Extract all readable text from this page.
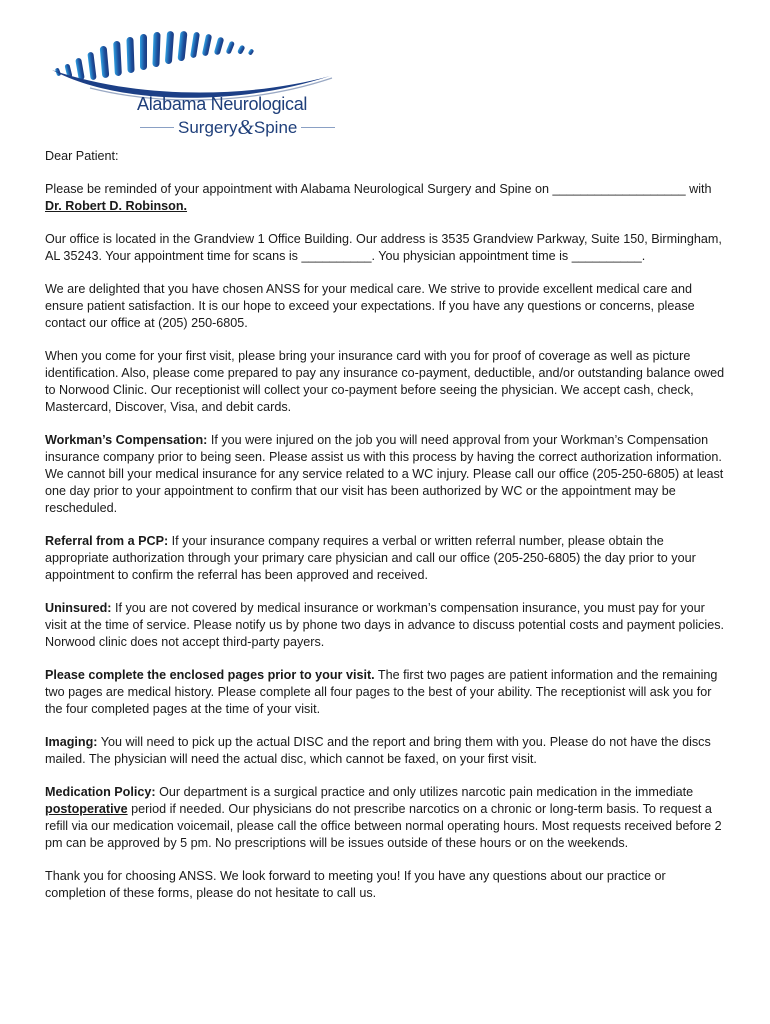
Alabama Neurological
Surgery & Spine

Dear Patient:

Please be reminded of your appointment with Alabama Neurological Surgery and Spine on ___________________ with Dr. Robert D. Robinson.

Our office is located in the Grandview 1 Office Building. Our address is 3535 Grandview Parkway, Suite 150, Birmingham, AL 35243. Your appointment time for scans is __________. You physician appointment time is __________.

We are delighted that you have chosen ANSS for your medical care. We strive to provide excellent medical care and ensure patient satisfaction. It is our hope to exceed your expectations. If you have any questions or concerns, please contact our office at (205) 250-6805.

When you come for your first visit, please bring your insurance card with you for proof of coverage as well as picture identification. Also, please come prepared to pay any insurance co-payment, deductible, and/or outstanding balance owed to Norwood Clinic. Our receptionist will collect your co-payment before seeing the physician. We accept cash, check, Mastercard, Discover, Visa, and debit cards.

Workman’s Compensation: If you were injured on the job you will need approval from your Workman’s Compensation insurance company prior to being seen. Please assist us with this process by having the correct authorization information. We cannot bill your medical insurance for any service related to a WC injury. Please call our office (205-250-6805) at least one day prior to your appointment to confirm that our visit has been authorized by WC or the appointment may be rescheduled.

Referral from a PCP: If your insurance company requires a verbal or written referral number, please obtain the appropriate authorization through your primary care physician and call our office (205-250-6805) the day prior to your appointment to confirm the referral has been approved and received.

Uninsured: If you are not covered by medical insurance or workman’s compensation insurance, you must pay for your visit at the time of service. Please notify us by phone two days in advance to discuss potential costs and payment policies. Norwood clinic does not accept third-party payers.

Please complete the enclosed pages prior to your visit. The first two pages are patient information and the remaining two pages are medical history. Please complete all four pages to the best of your ability. The receptionist will ask you for the four completed pages at the time of your visit.

Imaging: You will need to pick up the actual DISC and the report and bring them with you. Please do not have the discs mailed. The physician will need the actual disc, which cannot be faxed, on your first visit.

Medication Policy: Our department is a surgical practice and only utilizes narcotic pain medication in the immediate postoperative period if needed. Our physicians do not prescribe narcotics on a chronic or long-term basis. To request a refill via our medication voicemail, please call the office between normal operating hours. Most requests received before 2 pm can be approved by 5 pm. No prescriptions will be issues outside of these hours or on the weekends.

Thank you for choosing ANSS. We look forward to meeting you! If you have any questions about our practice or completion of these forms, please do not hesitate to call us.
